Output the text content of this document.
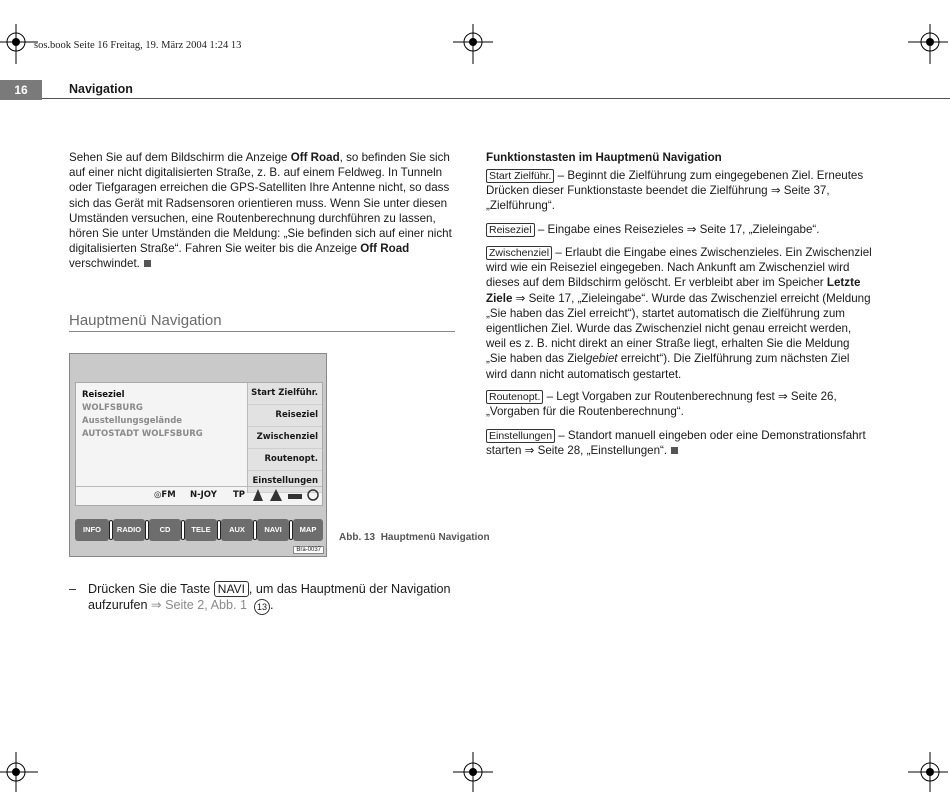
sos.book Seite 16 Freitag, 19. März 2004 1:24 13
16	Navigation
Sehen Sie auf dem Bildschirm die Anzeige Off Road, so befinden Sie sich auf einer nicht digitalisierten Straße, z. B. auf einem Feldweg. In Tunneln oder Tiefgaragen erreichen die GPS-Satelliten Ihre Antenne nicht, so dass sich das Gerät mit Radsensoren orientieren muss. Wenn Sie unter diesen Umständen versuchen, eine Routenberechnung durchführen zu lassen, hören Sie unter Umständen die Meldung: „Sie befinden sich auf einer nicht digitalisierten Straße“. Fahren Sie weiter bis die Anzeige Off Road verschwindet.
Hauptmenü Navigation
Reiseziel
WOLFSBURG
Ausstellungsgelände
AUTOSTADT WOLFSBURG
Start Zielführ.
Reiseziel
Zwischenziel
Routenopt.
Einstellungen
◎FM N-JOY TP
INFO	RADIO	CD	TELE	AUX	NAVI	MAP
Bra-0037
Abb. 13 Hauptmenü Navigation
– Drücken Sie die Taste NAVI , um das Hauptmenü der Navigation aufzurufen ⇒ Seite 2, Abb. 1 13 .
Funktionstasten im Hauptmenü Navigation
Start Zielführ. – Beginnt die Zielführung zum eingegebenen Ziel. Erneutes Drücken dieser Funktionstaste beendet die Zielführung ⇒ Seite 37, „Zielführung“.
Reiseziel – Eingabe eines Reisezieles ⇒ Seite 17, „Zieleingabe“.
Zwischenziel – Erlaubt die Eingabe eines Zwischenzieles. Ein Zwischenziel wird wie ein Reiseziel eingegeben. Nach Ankunft am Zwischenziel wird dieses auf dem Bildschirm gelöscht. Er verbleibt aber im Speicher Letzte Ziele ⇒ Seite 17, „Zieleingabe“. Wurde das Zwischenziel erreicht (Meldung „Sie haben das Ziel erreicht“), startet automatisch die Zielführung zum eigentlichen Ziel. Wurde das Zwischenziel nicht genau erreicht werden, weil es z. B. nicht direkt an einer Straße liegt, erhalten Sie die Meldung „Sie haben das Zielgebiet erreicht“). Die Zielführung zum nächsten Ziel wird dann nicht automatisch gestartet.
Routenopt. – Legt Vorgaben zur Routenberechnung fest ⇒ Seite 26, „Vorgaben für die Routenberechnung“.
Einstellungen – Standort manuell eingeben oder eine Demonstrationsfahrt starten ⇒ Seite 28, „Einstellungen“.
